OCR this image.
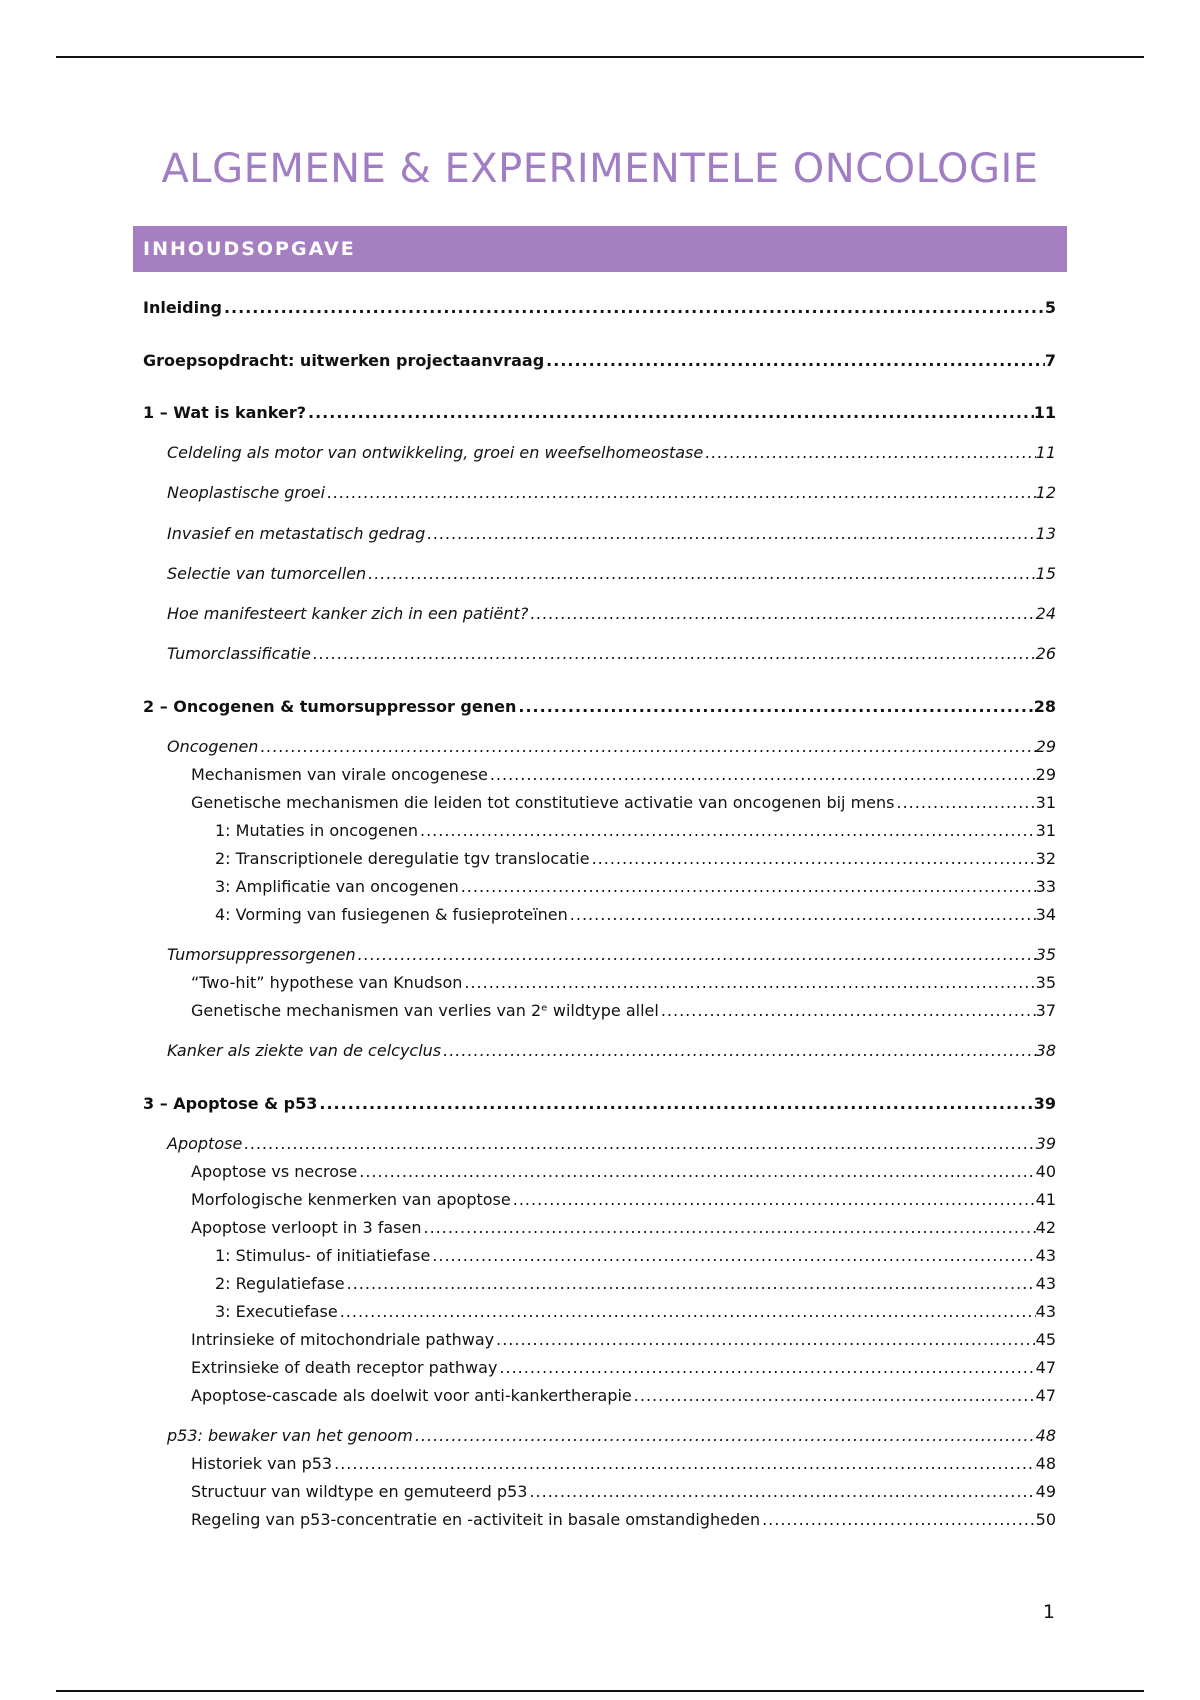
ALGEMENE & EXPERIMENTELE ONCOLOGIE
INHOUDSOPGAVE
Inleiding .....	5
Groepsopdracht: uitwerken projectaanvraag .....	7
1 – Wat is kanker? .....	11
Celdeling als motor van ontwikkeling, groei en weefselhomeostase .....	11
Neoplastische groei .....	12
Invasief en metastatisch gedrag .....	13
Selectie van tumorcellen .....	15
Hoe manifesteert kanker zich in een patiënt? .....	24
Tumorclassificatie .....	26
2 – Oncogenen & tumorsuppressor genen .....	28
Oncogenen .....	29
Mechanismen van virale oncogenese .....	29
Genetische mechanismen die leiden tot constitutieve activatie van oncogenen bij mens .....	31
1: Mutaties in oncogenen .....	31
2: Transcriptionele deregulatie tgv translocatie .....	32
3: Amplificatie van oncogenen .....	33
4: Vorming van fusiegenen & fusieproteïnen .....	34
Tumorsuppressorgenen .....	35
“Two-hit” hypothese van Knudson .....	35
Genetische mechanismen van verlies van 2ᵉ wildtype allel .....	37
Kanker als ziekte van de celcyclus .....	38
3 – Apoptose & p53 .....	39
Apoptose .....	39
Apoptose vs necrose .....	40
Morfologische kenmerken van apoptose .....	41
Apoptose verloopt in 3 fasen .....	42
1: Stimulus- of initiatiefase .....	43
2: Regulatiefase .....	43
3: Executiefase .....	43
Intrinsieke of mitochondriale pathway .....	45
Extrinsieke of death receptor pathway .....	47
Apoptose-cascade als doelwit voor anti-kankertherapie .....	47
p53: bewaker van het genoom .....	48
Historiek van p53 .....	48
Structuur van wildtype en gemuteerd p53 .....	49
Regeling van p53-concentratie en -activiteit in basale omstandigheden .....	50
1
